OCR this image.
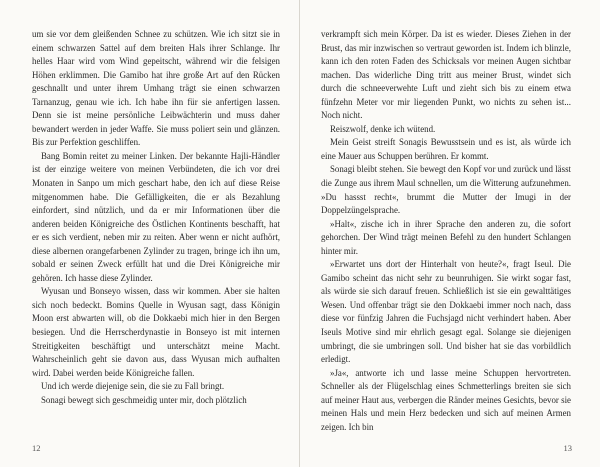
um sie vor dem gleißenden Schnee zu schützen. Wie ich sitzt sie in einem schwarzen Sattel auf dem breiten Hals ihrer Schlange. Ihr helles Haar wird vom Wind gepeitscht, während wir die felsigen Höhen erklimmen. Die Gamibo hat ihre große Art auf den Rücken geschnallt und unter ihrem Umhang trägt sie einen schwarzen Tarnanzug, genau wie ich. Ich habe ihn für sie anfertigen lassen. Denn sie ist meine persönliche Leibwächterin und muss daher bewandert werden in jeder Waffe. Sie muss poliert sein und glänzen. Bis zur Perfektion geschliffen.

Bang Bomin reitet zu meiner Linken. Der bekannte Hajli-Händler ist der einzige weitere von meinen Verbündeten, die ich vor drei Monaten in Sanpo um mich geschart habe, den ich auf diese Reise mitgenommen habe. Die Gefälligkeiten, die er als Bezahlung einfordert, sind nützlich, und da er mir Informationen über die anderen beiden Königreiche des Östlichen Kontinents beschafft, hat er es sich verdient, neben mir zu reiten. Aber wenn er nicht aufhört, diese albernen orangefarbenen Zylinder zu tragen, bringe ich ihn um, sobald er seinen Zweck erfüllt hat und die Drei Königreiche mir gehören. Ich hasse diese Zylinder.

Wyusan und Bonseyo wissen, dass wir kommen. Aber sie halten sich noch bedeckt. Bomins Quelle in Wyusan sagt, dass Königin Moon erst abwarten will, ob die Dokkaebi mich hier in den Bergen besiegen. Und die Herrscherdynastie in Bonseyo ist mit internen Streitigkeiten beschäftigt und unterschätzt meine Macht. Wahrscheinlich geht sie davon aus, dass Wyusan mich aufhalten wird. Dabei werden beide Königreiche fallen.

Und ich werde diejenige sein, die sie zu Fall bringt.

Sonagi bewegt sich geschmeidig unter mir, doch plötzlich

12

verkrampft sich mein Körper. Da ist es wieder. Dieses Ziehen in der Brust, das mir inzwischen so vertraut geworden ist. Indem ich blinzle, kann ich den roten Faden des Schicksals vor meinen Augen sichtbar machen. Das widerliche Ding tritt aus meiner Brust, windet sich durch die schneeverwehte Luft und zieht sich bis zu einem etwa fünfzehn Meter vor mir liegenden Punkt, wo nichts zu sehen ist... Noch nicht.

Reiszwolf, denke ich wütend.

Mein Geist streift Sonagis Bewusstsein und es ist, als würde ich eine Mauer aus Schuppen berühren. Er kommt.

Sonagi bleibt stehen. Sie bewegt den Kopf vor und zurück und lässt die Zunge aus ihrem Maul schnellen, um die Witterung aufzunehmen. »Du hassst recht«, brummt die Mutter der Imugi in der Doppelzüngelsprache.

»Halt«, zische ich in ihrer Sprache den anderen zu, die sofort gehorchen. Der Wind trägt meinen Befehl zu den hundert Schlangen hinter mir.

»Erwartet uns dort der Hinterhalt von heute?«, fragt Iseul. Die Gamibo scheint das nicht sehr zu beunruhigen. Sie wirkt sogar fast, als würde sie sich darauf freuen. Schließlich ist sie ein gewalttätiges Wesen. Und offenbar trägt sie den Dokkaebi immer noch nach, dass diese vor fünfzig Jahren die Fuchsjagd nicht verhindert haben. Aber Iseuls Motive sind mir ehrlich gesagt egal. Solange sie diejenigen umbringt, die sie umbringen soll. Und bisher hat sie das vorbildlich erledigt.

»Ja«, antworte ich und lasse meine Schuppen hervortreten. Schneller als der Flügelschlag eines Schmetterlings breiten sie sich auf meiner Haut aus, verbergen die Ränder meines Gesichts, bevor sie meinen Hals und mein Herz bedecken und sich auf meinen Armen zeigen. Ich bin

13
